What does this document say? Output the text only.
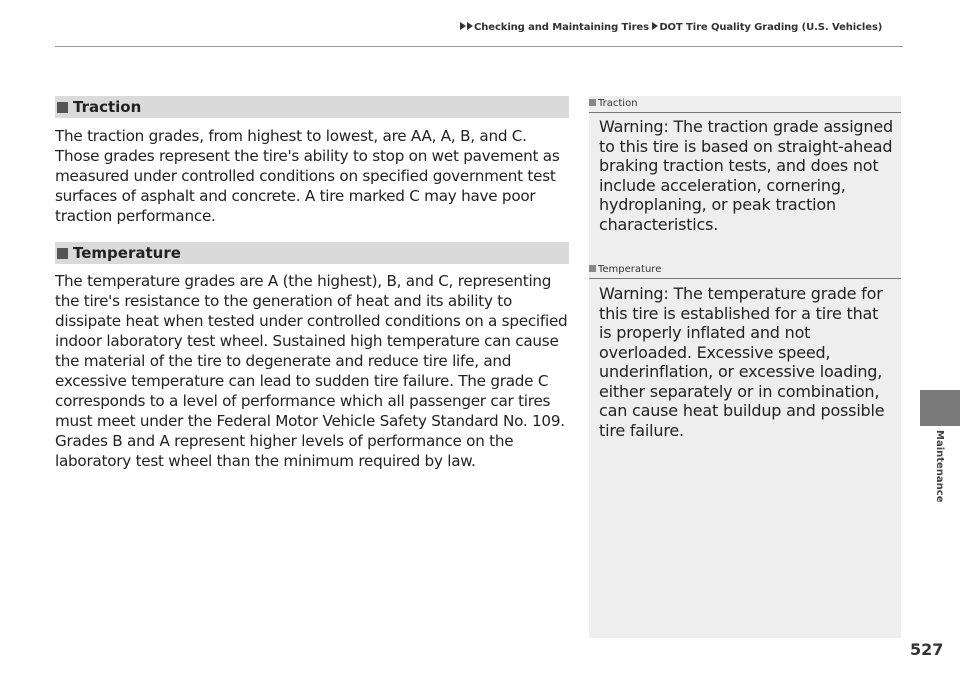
Checking and Maintaining Tires DOT Tire Quality Grading (U.S. Vehicles)
Maintenance
Traction
The traction grades, from highest to lowest, are AA, A, B, and C. Those grades represent the tire's ability to stop on wet pavement as measured under controlled conditions on specified government test surfaces of asphalt and concrete. A tire marked C may have poor traction performance.
Temperature
The temperature grades are A (the highest), B, and C, representing the tire's resistance to the generation of heat and its ability to dissipate heat when tested under controlled conditions on a specified indoor laboratory test wheel. Sustained high temperature can cause the material of the tire to degenerate and reduce tire life, and excessive temperature can lead to sudden tire failure. The grade C corresponds to a level of performance which all passenger car tires must meet under the Federal Motor Vehicle Safety Standard No. 109. Grades B and A represent higher levels of performance on the laboratory test wheel than the minimum required by law.
Traction
Warning: The traction grade assigned to this tire is based on straight-ahead braking traction tests, and does not include acceleration, cornering, hydroplaning, or peak traction characteristics.
Temperature
Warning: The temperature grade for this tire is established for a tire that is properly inflated and not overloaded. Excessive speed, underinflation, or excessive loading, either separately or in combination, can cause heat buildup and possible tire failure.
527
